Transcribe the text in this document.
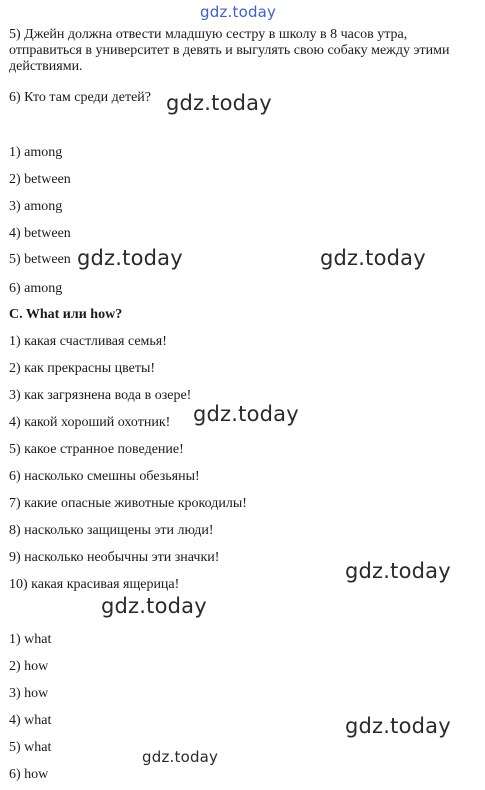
gdz.today
5) Джейн должна отвести младшую сестру в школу в 8 часов утра, отправиться в университет в девять и выгулять свою собаку между этими действиями.
6) Кто там среди детей? gdz.today
1) among
2) between
3) among
4) between
5) between gdz.today	gdz.today
6) among
C. What или how?
1) какая счастливая семья!
2) как прекрасны цветы!
3) как загрязнена вода в озере!
4) какой хороший охотник! gdz.today
5) какое странное поведение!
6) насколько смешны обезьяны!
7) какие опасные животные крокодилы!
8) насколько защищены эти люди!
9) насколько необычны эти значки!
gdz.today
10) какая красивая ящерица!
gdz.today
1) what
2) how
3) how
4) what	gdz.today
5) what
gdz.today
6) how
